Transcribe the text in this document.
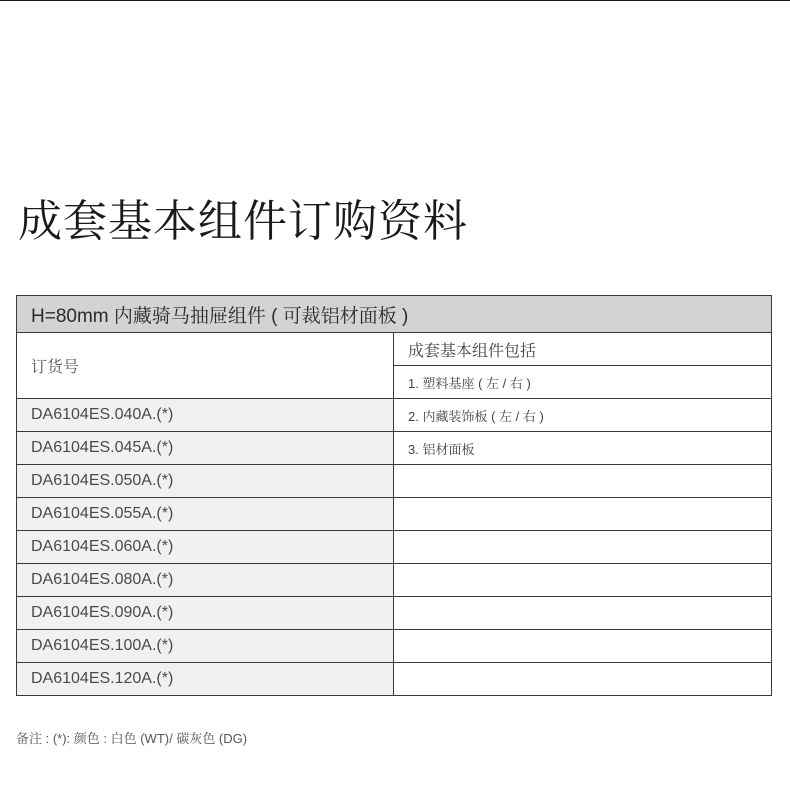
成套基本组件订购资料
H=80mm 内藏骑马抽屉组件 ( 可裁铝材面板 )	
订货号	成套基本组件包括
	1. 塑料基座 ( 左 / 右 )
DA6104ES.040A.(*)	2. 内藏装饰板 ( 左 / 右 )
DA6104ES.045A.(*)	3. 铝材面板
DA6104ES.050A.(*)	
DA6104ES.055A.(*)	
DA6104ES.060A.(*)	
DA6104ES.080A.(*)	
DA6104ES.090A.(*)	
DA6104ES.100A.(*)	
DA6104ES.120A.(*)	
备注 : (*): 颜色 : 白色 (WT)/ 碳灰色 (DG)
